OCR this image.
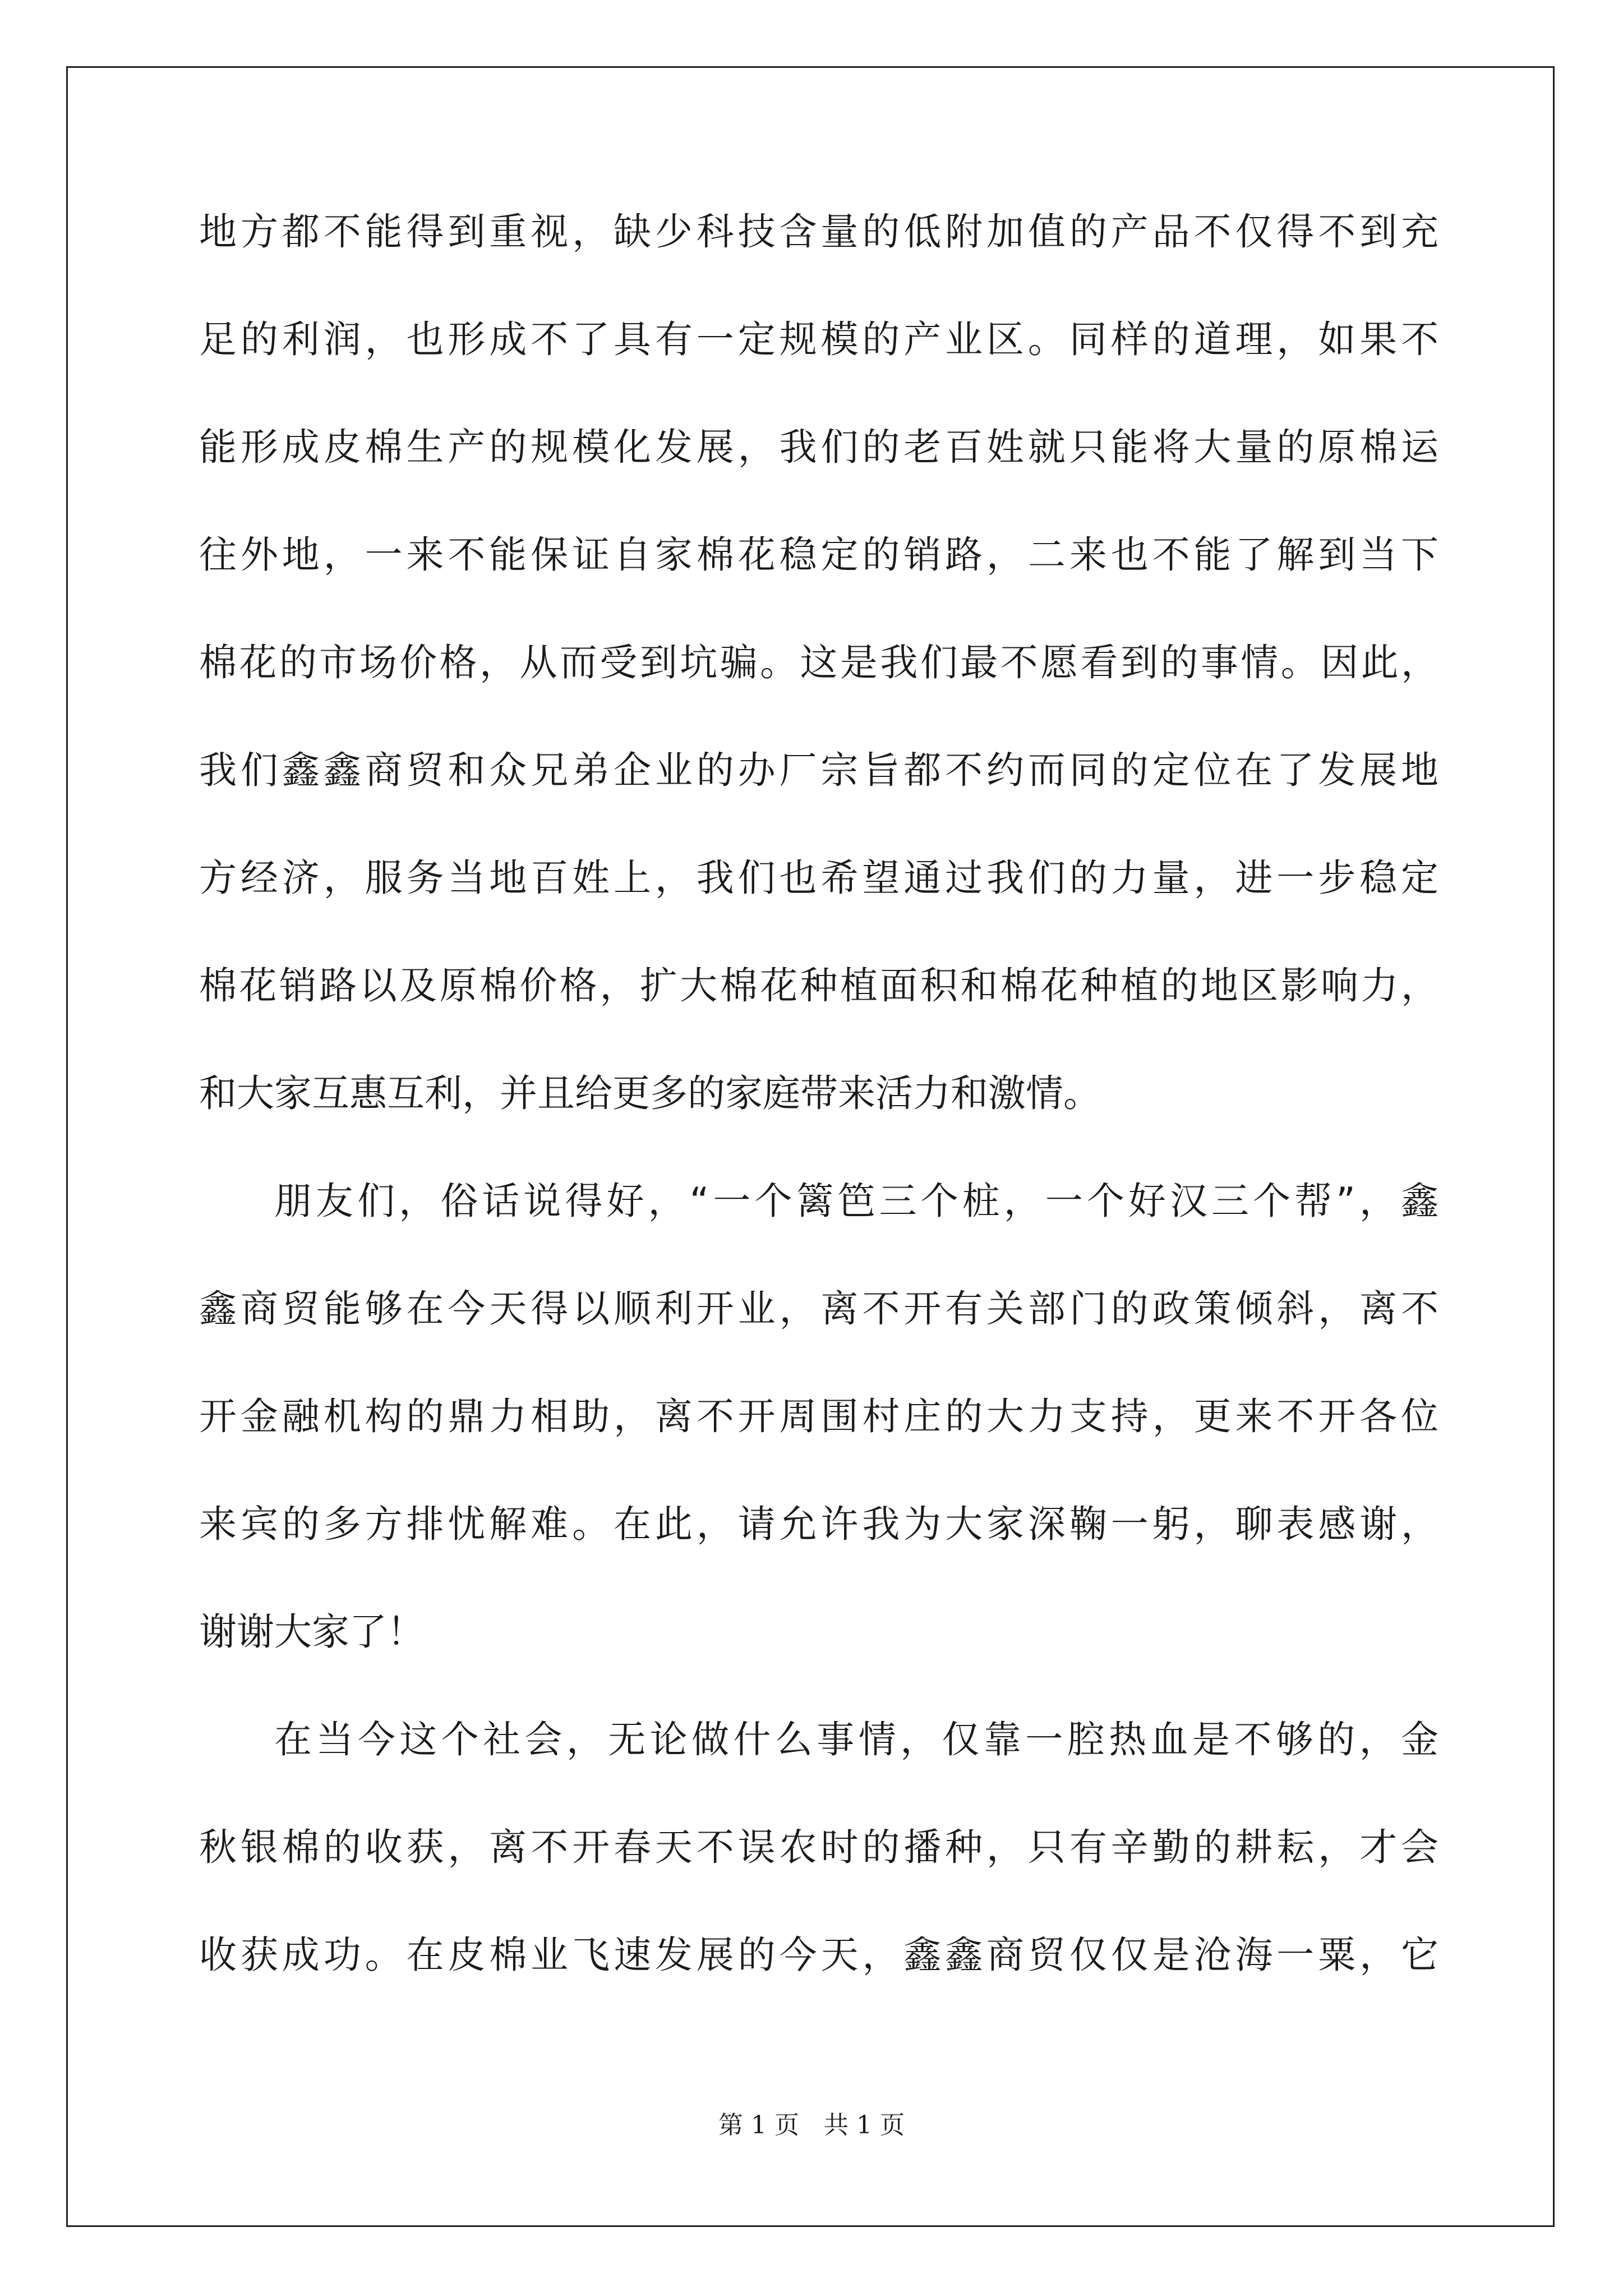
地方都不能得到重视，缺少科技含量的低附加值的产品不仅得不到充
足的利润，也形成不了具有一定规模的产业区。同样的道理，如果不
能形成皮棉生产的规模化发展，我们的老百姓就只能将大量的原棉运
往外地，一来不能保证自家棉花稳定的销路，二来也不能了解到当下
棉花的市场价格，从而受到坑骗。这是我们最不愿看到的事情。因此，
我们鑫鑫商贸和众兄弟企业的办厂宗旨都不约而同的定位在了发展地
方经济，服务当地百姓上，我们也希望通过我们的力量，进一步稳定
棉花销路以及原棉价格，扩大棉花种植面积和棉花种植的地区影响力，
和大家互惠互利，并且给更多的家庭带来活力和激情。
朋友们，俗话说得好，“一个篱笆三个桩，一个好汉三个帮”，鑫
鑫商贸能够在今天得以顺利开业，离不开有关部门的政策倾斜，离不
开金融机构的鼎力相助，离不开周围村庄的大力支持，更来不开各位
来宾的多方排忧解难。在此，请允许我为大家深鞠一躬，聊表感谢，
谢谢大家了！
在当今这个社会，无论做什么事情，仅靠一腔热血是不够的，金
秋银棉的收获，离不开春天不误农时的播种，只有辛勤的耕耘，才会
收获成功。在皮棉业飞速发展的今天，鑫鑫商贸仅仅是沧海一粟，它
第 1 页　共 1 页
